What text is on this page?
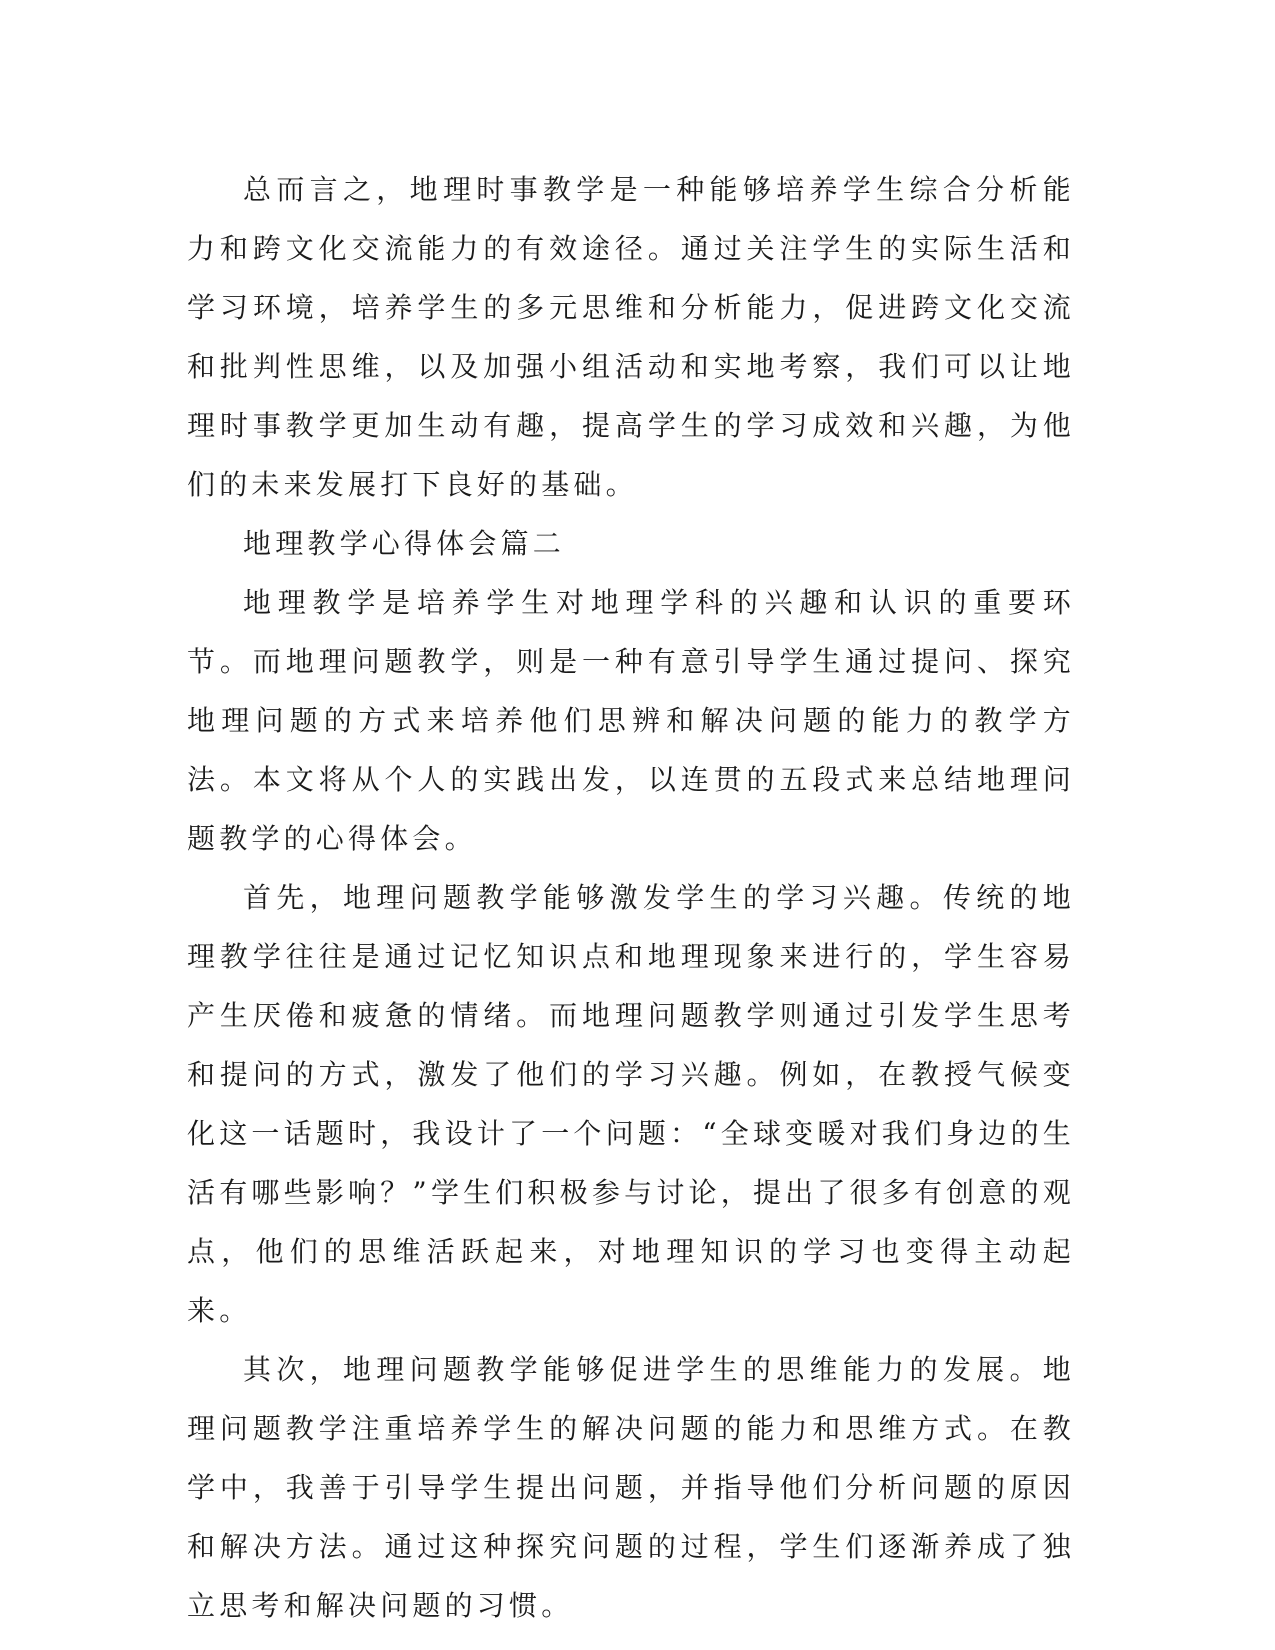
总而言之，地理时事教学是一种能够培养学生综合分析能力和跨文化交流能力的有效途径。通过关注学生的实际生活和学习环境，培养学生的多元思维和分析能力，促进跨文化交流和批判性思维，以及加强小组活动和实地考察，我们可以让地理时事教学更加生动有趣，提高学生的学习成效和兴趣，为他们的未来发展打下良好的基础。

地理教学心得体会篇二

地理教学是培养学生对地理学科的兴趣和认识的重要环节。而地理问题教学，则是一种有意引导学生通过提问、探究地理问题的方式来培养他们思辨和解决问题的能力的教学方法。本文将从个人的实践出发，以连贯的五段式来总结地理问题教学的心得体会。

首先，地理问题教学能够激发学生的学习兴趣。传统的地理教学往往是通过记忆知识点和地理现象来进行的，学生容易产生厌倦和疲惫的情绪。而地理问题教学则通过引发学生思考和提问的方式，激发了他们的学习兴趣。例如，在教授气候变化这一话题时，我设计了一个问题：“全球变暖对我们身边的生活有哪些影响？”学生们积极参与讨论，提出了很多有创意的观点，他们的思维活跃起来，对地理知识的学习也变得主动起来。

其次，地理问题教学能够促进学生的思维能力的发展。地理问题教学注重培养学生的解决问题的能力和思维方式。在教学中，我善于引导学生提出问题，并指导他们分析问题的原因和解决方法。通过这种探究问题的过程，学生们逐渐养成了独立思考和解决问题的习惯。
